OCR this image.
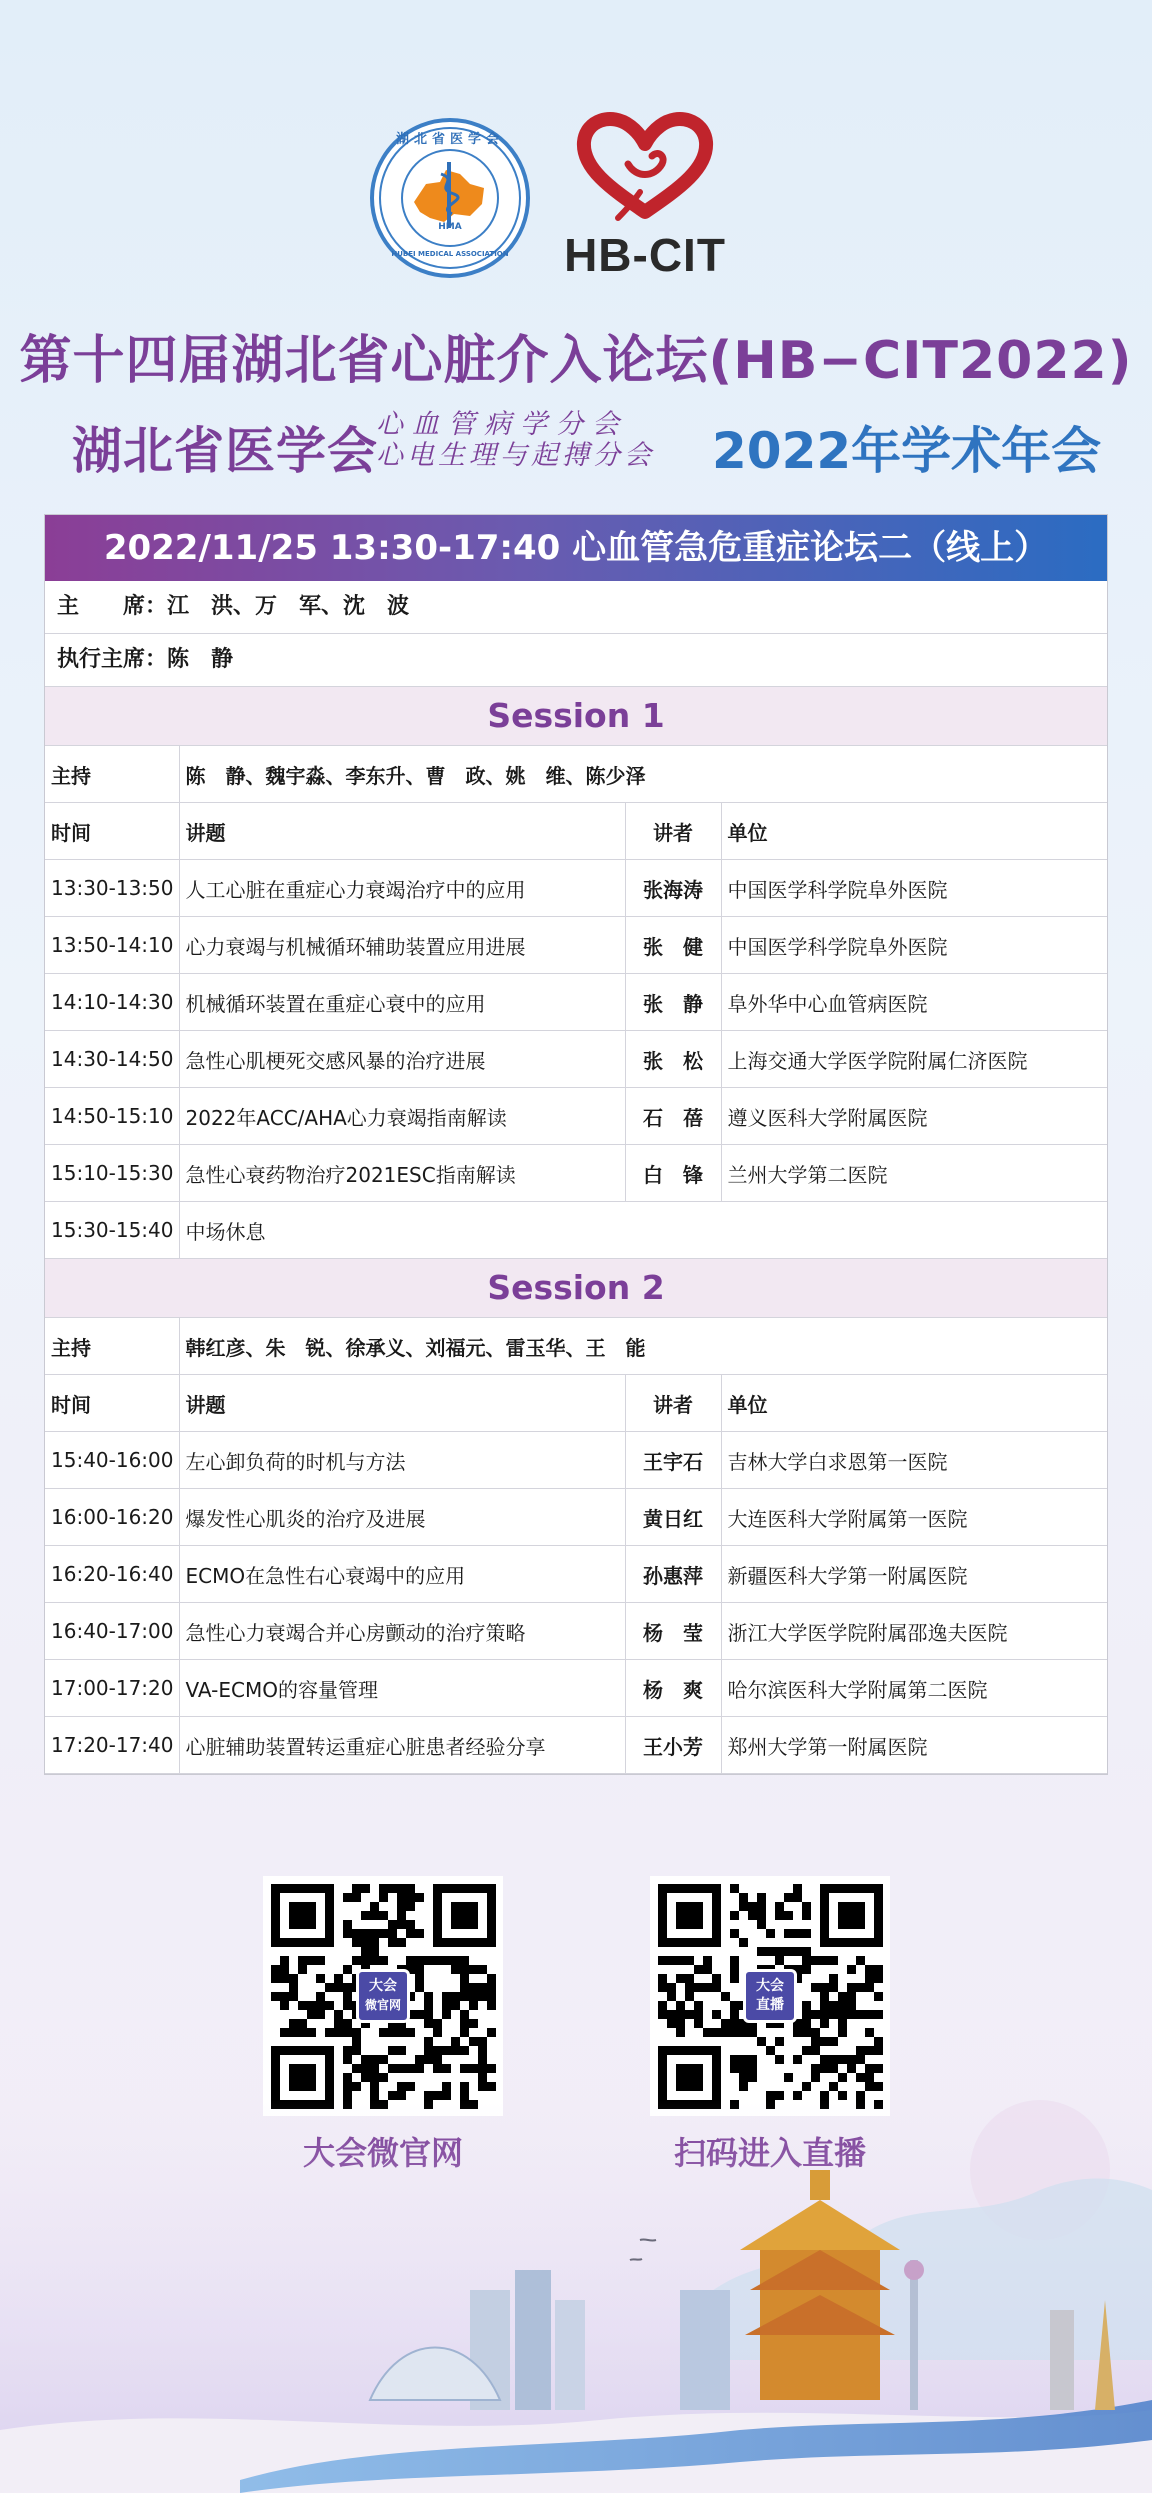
湖北省医学会
HMA
HUBEI MEDICAL ASSOCIATION	HB-CIT
第十四届湖北省心脏介入论坛(HB−CIT2022)
湖北省医学会
心血管病学分会
心电生理与起搏分会	2022年学术年会
2022/11/25 13:30-17:40 心血管急危重症论坛二（线上）
主　　席：江　洪、万　军、沈　波
执行主席：陈　静
Session 1
主持	陈　静、魏宇淼、李东升、曹　政、姚　维、陈少泽		
时间	讲题	讲者	单位
13:30-13:50	人工心脏在重症心力衰竭治疗中的应用	张海涛	中国医学科学院阜外医院
13:50-14:10	心力衰竭与机械循环辅助装置应用进展	张　健	中国医学科学院阜外医院
14:10-14:30	机械循环装置在重症心衰中的应用	张　静	阜外华中心血管病医院
14:30-14:50	急性心肌梗死交感风暴的治疗进展	张　松	上海交通大学医学院附属仁济医院
14:50-15:10	2022年ACC/AHA心力衰竭指南解读	石　蓓	遵义医科大学附属医院
15:10-15:30	急性心衰药物治疗2021ESC指南解读	白　锋	兰州大学第二医院
15:30-15:40	中场休息		
Session 2
主持	韩红彦、朱　锐、徐承义、刘福元、雷玉华、王　能		
时间	讲题	讲者	单位
15:40-16:00	左心卸负荷的时机与方法	王宇石	吉林大学白求恩第一医院
16:00-16:20	爆发性心肌炎的治疗及进展	黄日红	大连医科大学附属第一医院
16:20-16:40	ECMO在急性右心衰竭中的应用	孙惠萍	新疆医科大学第一附属医院
16:40-17:00	急性心力衰竭合并心房颤动的治疗策略	杨　莹	浙江大学医学院附属邵逸夫医院
17:00-17:20	VA-ECMO的容量管理	杨　爽	哈尔滨医科大学附属第二医院
17:20-17:40	心脏辅助装置转运重症心脏患者经验分享	王小芳	郑州大学第一附属医院
大会
微官网
大会
直播
